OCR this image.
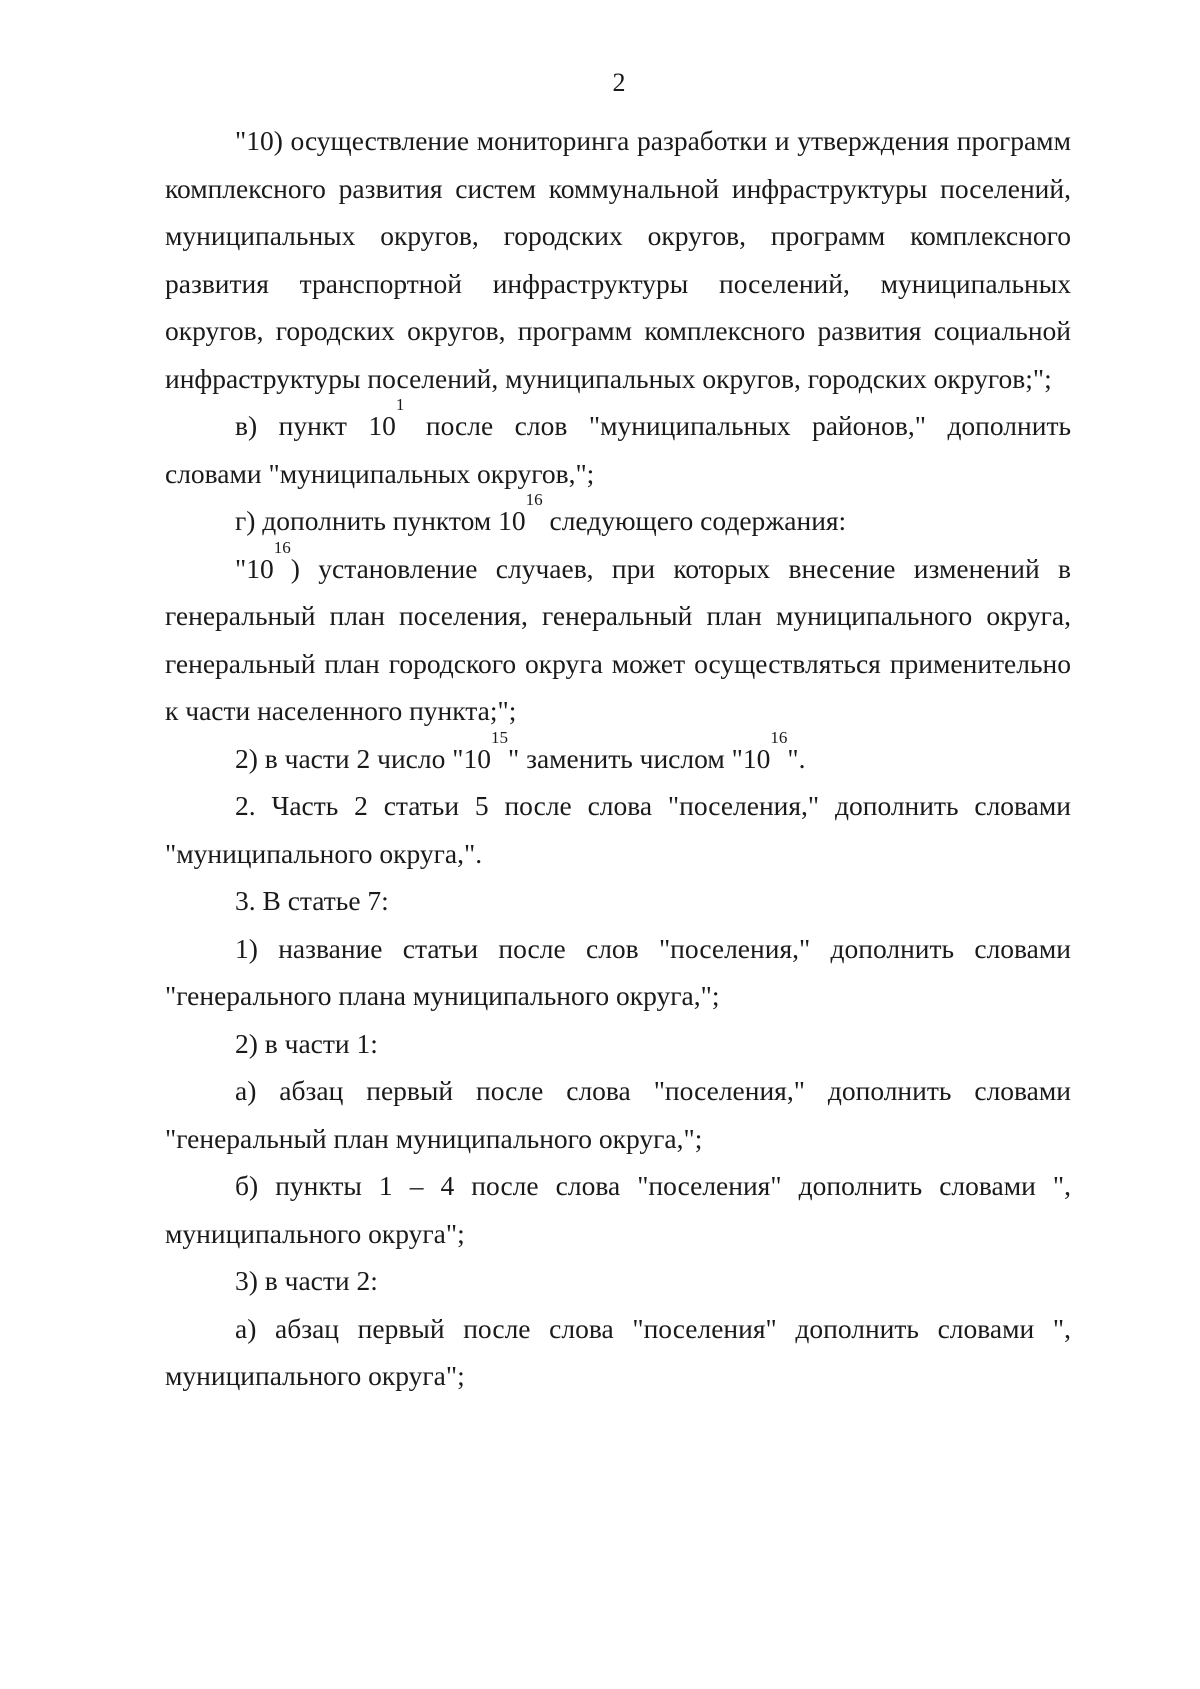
2

"10) осуществление мониторинга разработки и утверждения программ комплексного развития систем коммунальной инфраструктуры поселений, муниципальных округов, городских округов, программ комплексного развития транспортной инфраструктуры поселений, муниципальных округов, городских округов, программ комплексного развития социальной инфраструктуры поселений, муниципальных округов, городских округов;";

в) пункт $10^1$ после слов "муниципальных районов," дополнить словами "муниципальных округов,";

г) дополнить пунктом $10^{16}$ следующего содержания:

"$10^{16}$) установление случаев, при которых внесение изменений в генеральный план поселения, генеральный план муниципального округа, генеральный план городского округа может осуществляться применительно к части населенного пункта;";

2) в части 2 число "$10^{15}$" заменить числом "$10^{16}$".

2. Часть 2 статьи 5 после слова "поселения," дополнить словами "муниципального округа,".

3. В статье 7:

1) название статьи после слов "поселения," дополнить словами "генерального плана муниципального округа,";

2) в части 1:

а) абзац первый после слова "поселения," дополнить словами "генеральный план муниципального округа,";

б) пункты 1 – 4 после слова "поселения" дополнить словами ", муниципального округа";

3) в части 2:

а) абзац первый после слова "поселения" дополнить словами ", муниципального округа";
